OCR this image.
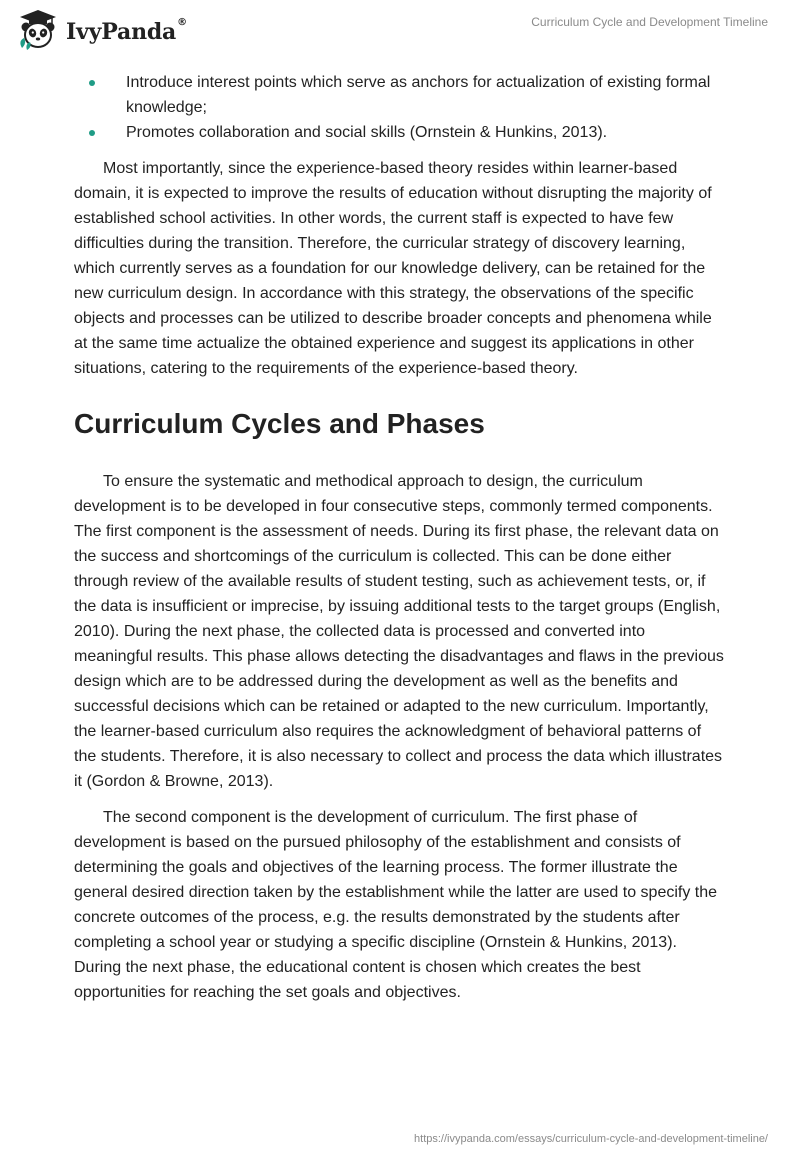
IvyPanda®	Curriculum Cycle and Development Timeline
Introduce interest points which serve as anchors for actualization of existing formal knowledge;
Promotes collaboration and social skills (Ornstein & Hunkins, 2013).

Most importantly, since the experience-based theory resides within learner-based domain, it is expected to improve the results of education without disrupting the majority of established school activities. In other words, the current staff is expected to have few difficulties during the transition. Therefore, the curricular strategy of discovery learning, which currently serves as a foundation for our knowledge delivery, can be retained for the new curriculum design. In accordance with this strategy, the observations of the specific objects and processes can be utilized to describe broader concepts and phenomena while at the same time actualize the obtained experience and suggest its applications in other situations, catering to the requirements of the experience-based theory.

Curriculum Cycles and Phases

To ensure the systematic and methodical approach to design, the curriculum development is to be developed in four consecutive steps, commonly termed components. The first component is the assessment of needs. During its first phase, the relevant data on the success and shortcomings of the curriculum is collected. This can be done either through review of the available results of student testing, such as achievement tests, or, if the data is insufficient or imprecise, by issuing additional tests to the target groups (English, 2010). During the next phase, the collected data is processed and converted into meaningful results. This phase allows detecting the disadvantages and flaws in the previous design which are to be addressed during the development as well as the benefits and successful decisions which can be retained or adapted to the new curriculum. Importantly, the learner-based curriculum also requires the acknowledgment of behavioral patterns of the students. Therefore, it is also necessary to collect and process the data which illustrates it (Gordon & Browne, 2013).

The second component is the development of curriculum. The first phase of development is based on the pursued philosophy of the establishment and consists of determining the goals and objectives of the learning process. The former illustrate the general desired direction taken by the establishment while the latter are used to specify the concrete outcomes of the process, e.g. the results demonstrated by the students after completing a school year or studying a specific discipline (Ornstein & Hunkins, 2013). During the next phase, the educational content is chosen which creates the best opportunities for reaching the set goals and objectives.

https://ivypanda.com/essays/curriculum-cycle-and-development-timeline/
